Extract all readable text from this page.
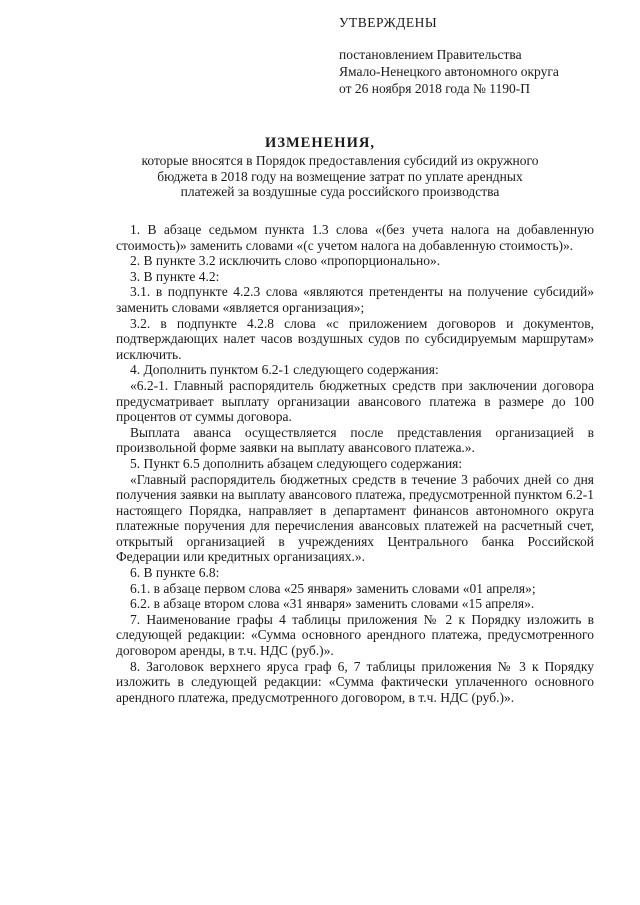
УТВЕРЖДЕНЫ
постановлением Правительства
Ямало-Ненецкого автономного округа
от 26 ноября 2018 года № 1190-П
ИЗМЕНЕНИЯ,
которые вносятся в Порядок предоставления субсидий из окружного
бюджета в 2018 году на возмещение затрат по уплате арендных
платежей за воздушные суда российского производства

1. В абзаце седьмом пункта 1.3 слова «(без учета налога на добавленную стоимость)» заменить словами «(с учетом налога на добавленную стоимость)».

2. В пункте 3.2 исключить слово «пропорционально».

3. В пункте 4.2:

3.1. в подпункте 4.2.3 слова «являются претенденты на получение субсидий» заменить словами «является организация»;

3.2. в подпункте 4.2.8 слова «с приложением договоров и документов, подтверждающих налет часов воздушных судов по субсидируемым маршрутам» исключить.

4. Дополнить пунктом 6.2-1 следующего содержания:

«6.2-1. Главный распорядитель бюджетных средств при заключении договора предусматривает выплату организации авансового платежа в размере до 100 процентов от суммы договора.

Выплата аванса осуществляется после представления организацией в произвольной форме заявки на выплату авансового платежа.».

5. Пункт 6.5 дополнить абзацем следующего содержания:

«Главный распорядитель бюджетных средств в течение 3 рабочих дней со дня получения заявки на выплату авансового платежа, предусмотренной пунктом 6.2-1 настоящего Порядка, направляет в департамент финансов автономного округа платежные поручения для перечисления авансовых платежей на расчетный счет, открытый организацией в учреждениях Центрального банка Российской Федерации или кредитных организациях.».

6. В пункте 6.8:

6.1. в абзаце первом слова «25 января» заменить словами «01 апреля»;

6.2. в абзаце втором слова «31 января» заменить словами «15 апреля».

7. Наименование графы 4 таблицы приложения № 2 к Порядку изложить в следующей редакции: «Сумма основного арендного платежа, предусмотренного договором аренды, в т.ч. НДС (руб.)».

8. Заголовок верхнего яруса граф 6, 7 таблицы приложения № 3 к Порядку изложить в следующей редакции: «Сумма фактически уплаченного основного арендного платежа, предусмотренного договором, в т.ч. НДС (руб.)».
